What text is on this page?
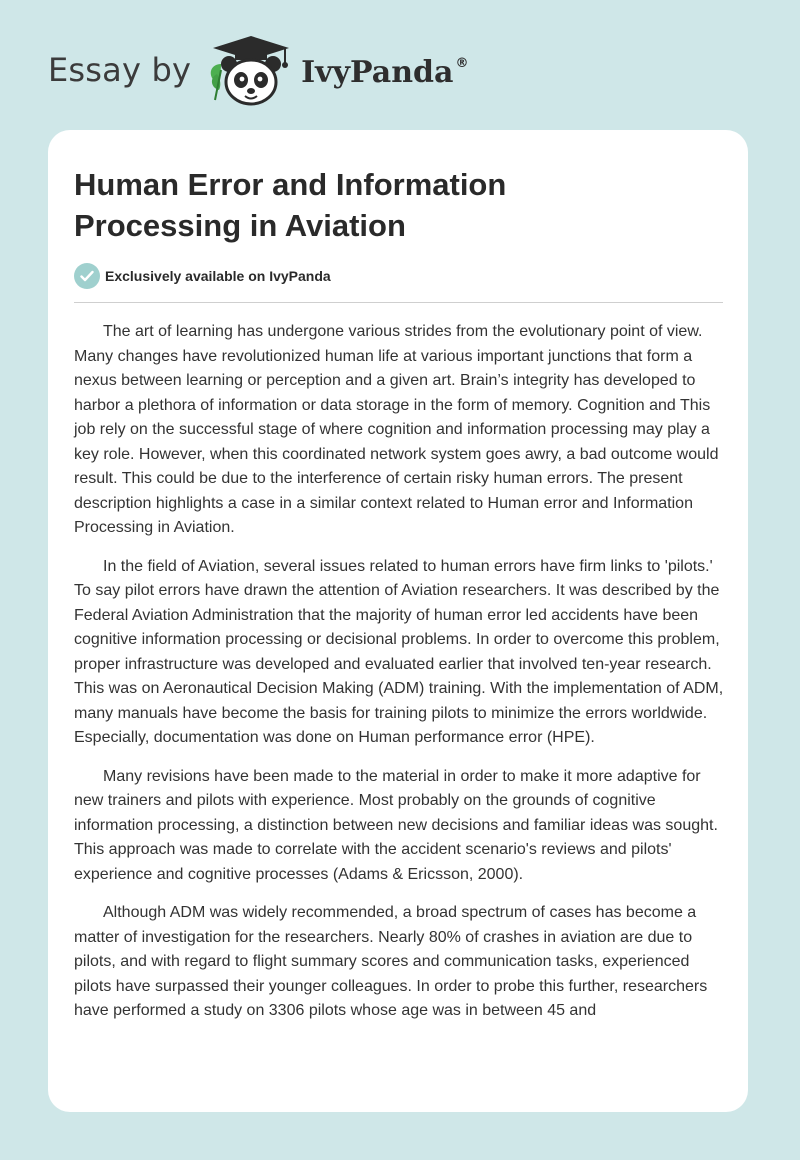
Essay by	IvyPanda ®
Human Error and Information Processing in Aviation
Exclusively available on IvyPanda

The art of learning has undergone various strides from the evolutionary point of view. Many changes have revolutionized human life at various important junctions that form a nexus between learning or perception and a given art. Brain’s integrity has developed to harbor a plethora of information or data storage in the form of memory. Cognition and This job rely on the successful stage of where cognition and information processing may play a key role. However, when this coordinated network system goes awry, a bad outcome would result. This could be due to the interference of certain risky human errors. The present description highlights a case in a similar context related to Human error and Information Processing in Aviation.

In the field of Aviation, several issues related to human errors have firm links to 'pilots.' To say pilot errors have drawn the attention of Aviation researchers. It was described by the Federal Aviation Administration that the majority of human error led accidents have been cognitive information processing or decisional problems. In order to overcome this problem, proper infrastructure was developed and evaluated earlier that involved ten-year research. This was on Aeronautical Decision Making (ADM) training. With the implementation of ADM, many manuals have become the basis for training pilots to minimize the errors worldwide. Especially, documentation was done on Human performance error (HPE).

Many revisions have been made to the material in order to make it more adaptive for new trainers and pilots with experience. Most probably on the grounds of cognitive information processing, a distinction between new decisions and familiar ideas was sought. This approach was made to correlate with the accident scenario's reviews and pilots' experience and cognitive processes (Adams & Ericsson, 2000).

Although ADM was widely recommended, a broad spectrum of cases has become a matter of investigation for the researchers. Nearly 80% of crashes in aviation are due to pilots, and with regard to flight summary scores and communication tasks, experienced pilots have surpassed their younger colleagues. In order to probe this further, researchers have performed a study on 3306 pilots whose age was in between 45 and
